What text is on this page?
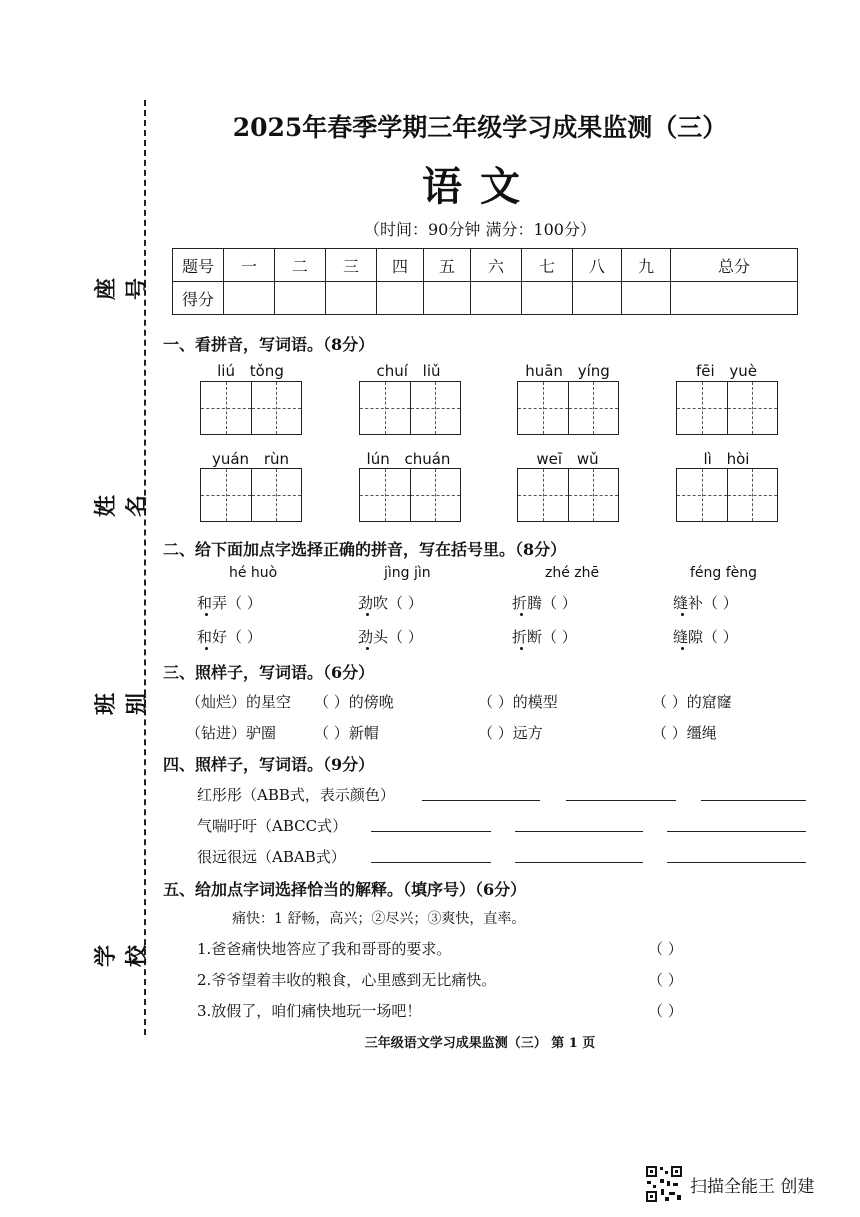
座号
姓名
班别
学校
2025年春季学期三年级学习成果监测（三）
语文
（时间：90分钟 满分：100分）
题号	一	二	三	四	五	六	七	八	九	总分
得分										
一、看拼音，写词语。（8分）
liú tǒng	chuí liǔ	huān yíng	fēi yuè
yuán rùn	lún chuán	weī wǔ	lì hòi
二、给下面加点字选择正确的拼音，写在括号里。（8分）
hé huò	jìng jìn	zhé zhē	féng fèng
和弄（ ）	劲吹（ ）	折腾（ ）	缝补（ ）
和好（ ）	劲头（ ）	折断（ ）	缝隙（ ）
三、照样子，写词语。（6分）
（灿烂）的星空 （ ）的傍晚	（ ）的模型	（ ）的窟窿
（钻进）驴圈	（ ）新帽	（ ）远方	（ ）缰绳
四、照样子，写词语。（9分）
红彤彤（ABB式，表示颜色）
气喘吁吁（ABCC式）
很远很远（ABAB式）
五、给加点字词选择恰当的解释。（填序号）（6分）
痛快：1 舒畅，高兴；②尽兴；③爽快，直率。
1.爸爸痛快地答应了我和哥哥的要求。	（ ）
2.爷爷望着丰收的粮食，心里感到无比痛快。	（ ）
3.放假了，咱们痛快地玩一场吧！	（ ）
三年级语文学习成果监测（三） 第 1 页
扫描全能王 创建
